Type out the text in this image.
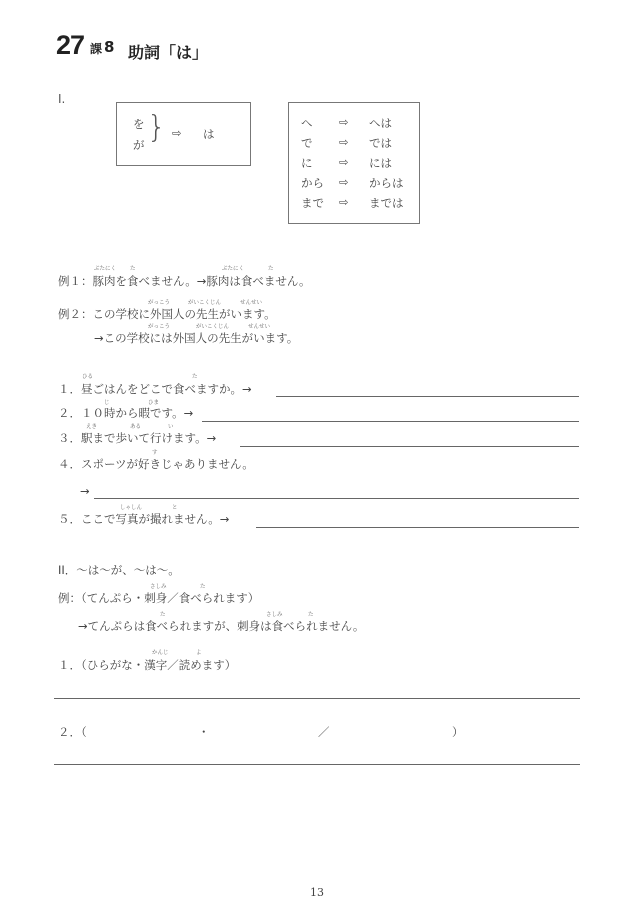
27 課 8 助詞「は」
I.
を
が } ⇨ は
へ ⇨ へは
で ⇨ では
に ⇨ には
から ⇨ からは
まで ⇨ までは
ぶたにく	た	ぶたにく	た
例１：豚肉を食べません。→豚肉は食べません。
がっこう	がいこくじん	せんせい
例２：この学校に外国人の先生がいます。
がっこう	がいこくじん	せんせい
→この学校には外国人の先生がいます。
ひる	た
１．昼ごはんをどこで食べますか。→
じ	ひま
２．１０時から暇です。→
えき	ある	い
３．駅まで歩いて行けます。→
す
４．スポーツが好きじゃありません。
→
しゃしん	と
５．ここで写真が撮れません。→
II．～は～が、～は～。
さしみ	た
例：（てんぷら・刺身／食べられます）
た	さしみ	た
→てんぷらは食べられますが、刺身は食べられません。
かんじ	よ
１．（ひらがな・漢字／読めます）
２．（	・	／	）
13
